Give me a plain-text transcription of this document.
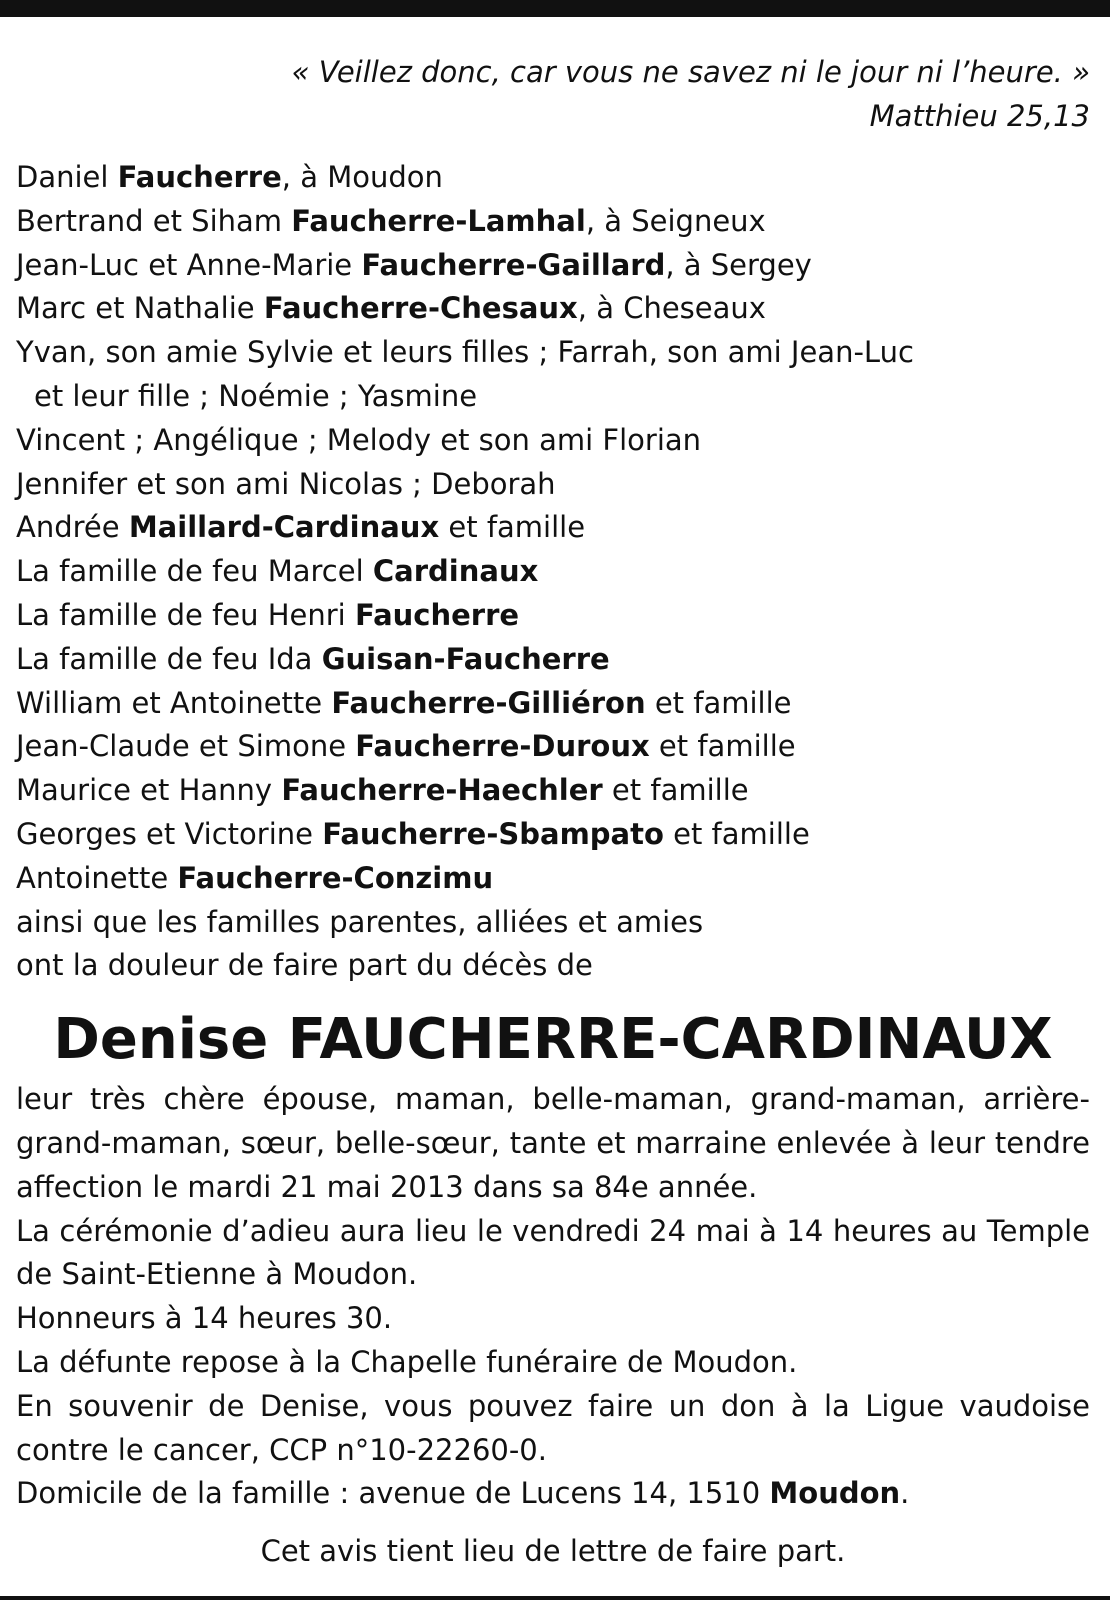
« Veillez donc, car vous ne savez ni le jour ni l’heure. »
Matthieu 25,13
Daniel Faucherre, à Moudon
Bertrand et Siham Faucherre-Lamhal, à Seigneux
Jean-Luc et Anne-Marie Faucherre-Gaillard, à Sergey
Marc et Nathalie Faucherre-Chesaux, à Cheseaux
Yvan, son amie Sylvie et leurs filles ; Farrah, son ami Jean-Luc
et leur fille ; Noémie ; Yasmine
Vincent ; Angélique ; Melody et son ami Florian
Jennifer et son ami Nicolas ; Deborah
Andrée Maillard-Cardinaux et famille
La famille de feu Marcel Cardinaux
La famille de feu Henri Faucherre
La famille de feu Ida Guisan-Faucherre
William et Antoinette Faucherre-Gilliéron et famille
Jean-Claude et Simone Faucherre-Duroux et famille
Maurice et Hanny Faucherre-Haechler et famille
Georges et Victorine Faucherre-Sbampato et famille
Antoinette Faucherre-Conzimu
ainsi que les familles parentes, alliées et amies
ont la douleur de faire part du décès de
Denise FAUCHERRE-CARDINAUX
leur très chère épouse, maman, belle-maman, grand-maman, arrière-grand-maman, sœur, belle-sœur, tante et marraine enlevée à leur tendre affection le mardi 21 mai 2013 dans sa 84e année.
La cérémonie d’adieu aura lieu le vendredi 24 mai à 14 heures au Temple de Saint-Etienne à Moudon.
Honneurs à 14 heures 30.
La défunte repose à la Chapelle funéraire de Moudon.
En souvenir de Denise, vous pouvez faire un don à la Ligue vaudoise contre le cancer, CCP n°10-22260-0.
Domicile de la famille : avenue de Lucens 14, 1510 Moudon.
Cet avis tient lieu de lettre de faire part.
